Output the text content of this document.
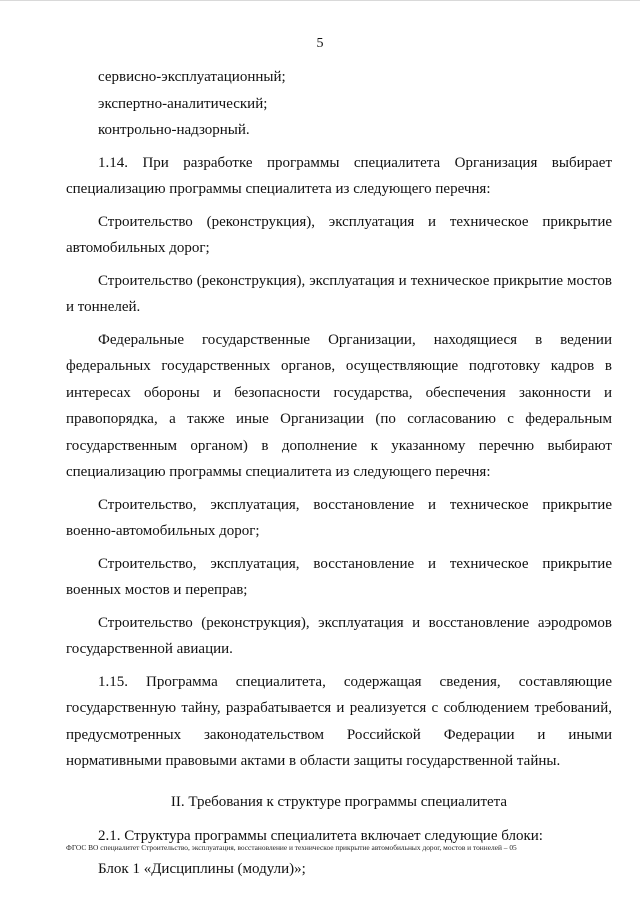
5

сервисно-эксплуатационный;

экспертно-аналитический;

контрольно-надзорный.

1.14. При разработке программы специалитета Организация выбирает специализацию программы специалитета из следующего перечня:

Строительство (реконструкция), эксплуатация и техническое прикрытие автомобильных дорог;

Строительство (реконструкция), эксплуатация и техническое прикрытие мостов и тоннелей.

Федеральные государственные Организации, находящиеся в ведении федеральных государственных органов, осуществляющие подготовку кадров в интересах обороны и безопасности государства, обеспечения законности и правопорядка, а также иные Организации (по согласованию с федеральным государственным органом) в дополнение к указанному перечню выбирают специализацию программы специалитета из следующего перечня:

Строительство, эксплуатация, восстановление и техническое прикрытие военно-автомобильных дорог;

Строительство, эксплуатация, восстановление и техническое прикрытие военных мостов и переправ;

Строительство (реконструкция), эксплуатация и восстановление аэродромов государственной авиации.

1.15. Программа специалитета, содержащая сведения, составляющие государственную тайну, разрабатывается и реализуется с соблюдением требований, предусмотренных законодательством Российской Федерации и иными нормативными правовыми актами в области защиты государственной тайны.

II. Требования к структуре программы специалитета

2.1. Структура программы специалитета включает следующие блоки:

Блок 1 «Дисциплины (модули)»;

ФГОС ВО специалитет Строительство, эксплуатация, восстановление и техническое прикрытие автомобильных дорог, мостов и тоннелей – 05
